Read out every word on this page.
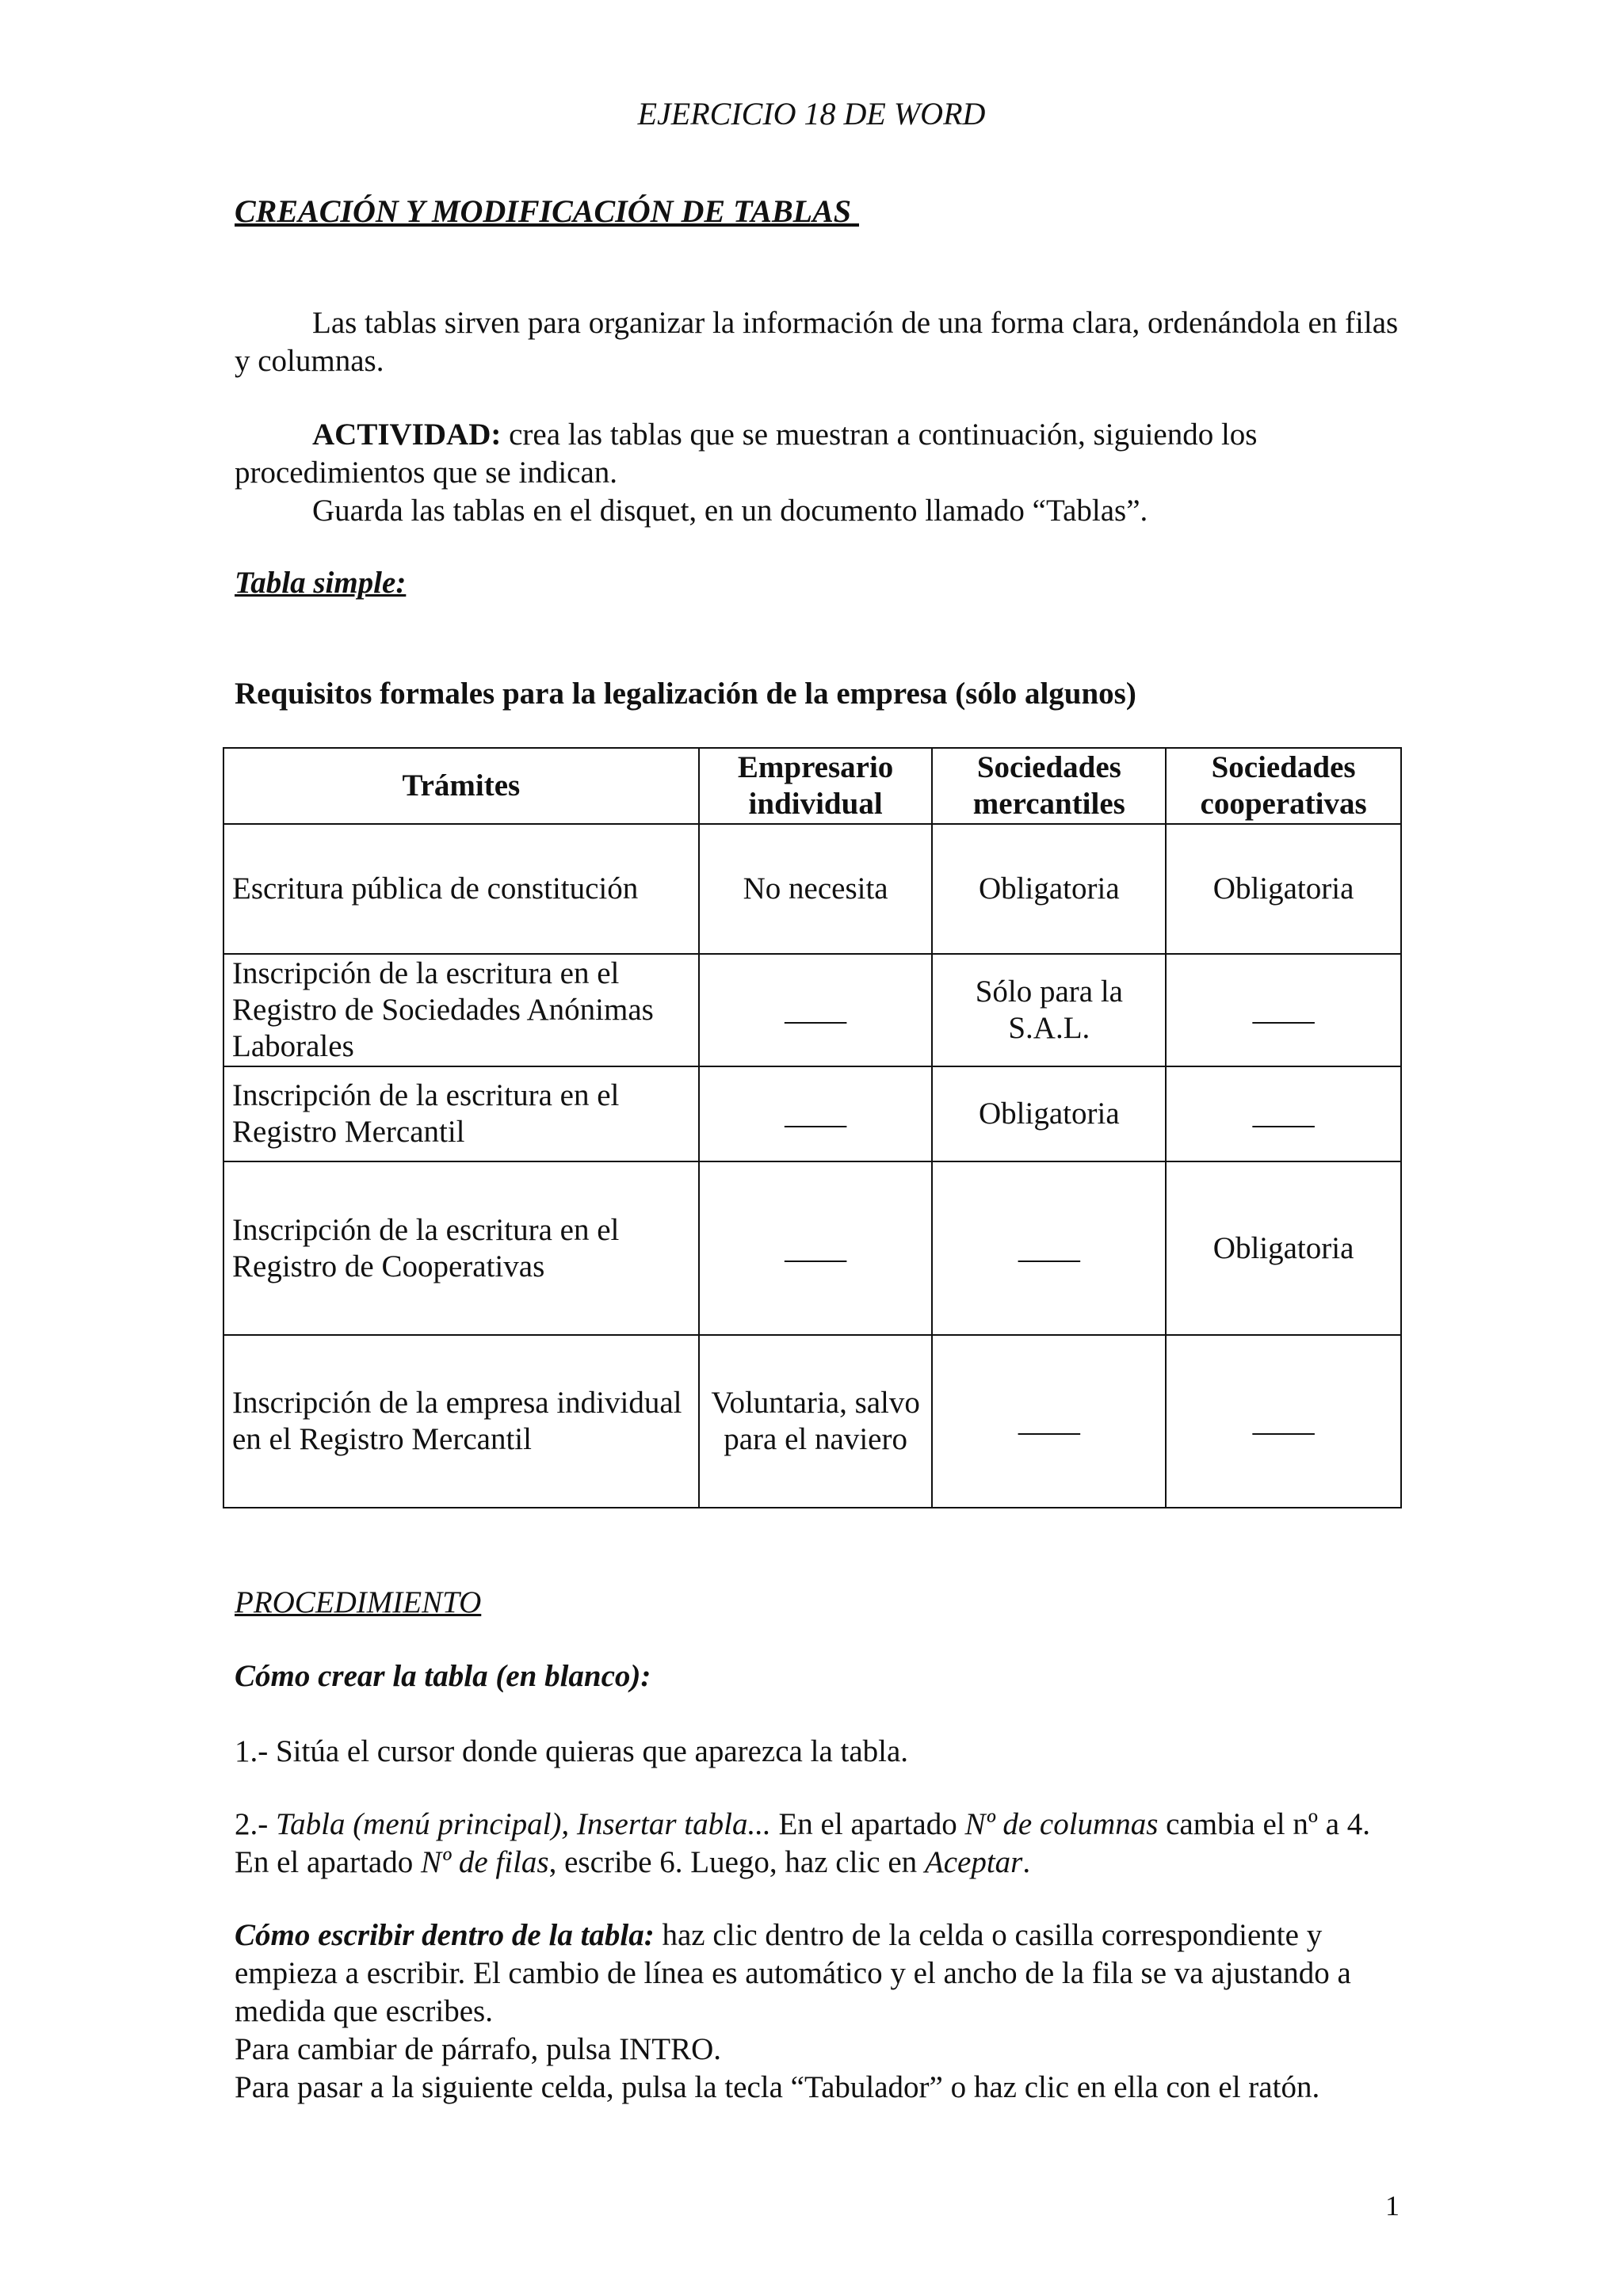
EJERCICIO 18 DE WORD
CREACIÓN Y MODIFICACIÓN DE TABLAS
Las tablas sirven para organizar la información de una forma clara, ordenándola en filas y columnas.
ACTIVIDAD: crea las tablas que se muestran a continuación, siguiendo los procedimientos que se indican.
Guarda las tablas en el disquet, en un documento llamado “Tablas”.
Tabla simple:
Requisitos formales para la legalización de la empresa (sólo algunos)
Trámites	Empresario individual	Sociedades mercantiles	Sociedades cooperativas
Escritura pública de constitución	No necesita	Obligatoria	Obligatoria
Inscripción de la escritura en el Registro de Sociedades Anónimas Laborales	____	Sólo para la S.A.L.	____
Inscripción de la escritura en el Registro Mercantil	____	Obligatoria	____
Inscripción de la escritura en el Registro de Cooperativas	____	____	Obligatoria
Inscripción de la empresa individual en el Registro Mercantil	Voluntaria, salvo para el naviero	____	____
PROCEDIMIENTO
Cómo crear la tabla (en blanco):
1.- Sitúa el cursor donde quieras que aparezca la tabla.
2.- Tabla (menú principal), Insertar tabla... En el apartado Nº de columnas cambia el nº a 4. En el apartado Nº de filas, escribe 6. Luego, haz clic en Aceptar.
Cómo escribir dentro de la tabla: haz clic dentro de la celda o casilla correspondiente y empieza a escribir. El cambio de línea es automático y el ancho de la fila se va ajustando a medida que escribes.
Para cambiar de párrafo, pulsa INTRO.
Para pasar a la siguiente celda, pulsa la tecla “Tabulador” o haz clic en ella con el ratón.
1
